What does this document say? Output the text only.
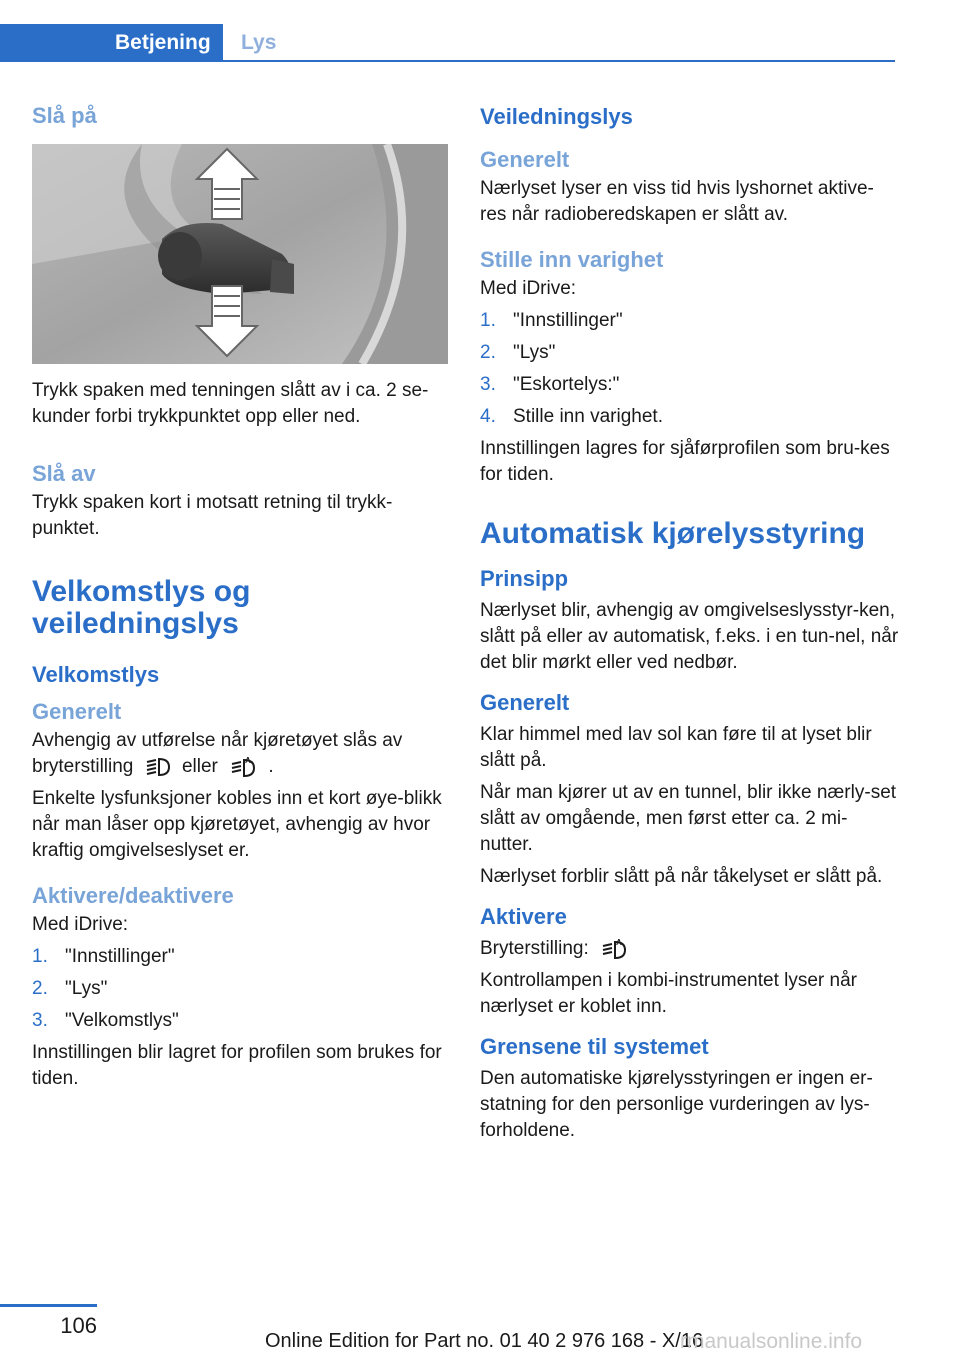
Betjening	Lys
Slå på

Trykk spaken med tenningen slått av i ca. 2 se-kunder forbi trykkpunktet opp eller ned.

Slå av

Trykk spaken kort i motsatt retning til trykk-punktet.

Velkomstlys og veiledningslys
Velkomstlys
Generelt

Avhengig av utførelse når kjøretøyet slås av bryterstilling	eller	A .

Enkelte lysfunksjoner kobles inn et kort øye-blikk når man låser opp kjøretøyet, avhengig av hvor kraftig omgivelseslyset er.

Aktivere/deaktivere

Med iDrive:

1. "Innstillinger"
2. "Lys"
3. "Velkomstlys"

Innstillingen blir lagret for profilen som brukes for tiden.

Veiledningslys
Generelt

Nærlyset lyser en viss tid hvis lyshornet aktive-res når radioberedskapen er slått av.

Stille inn varighet

Med iDrive:

1. "Innstillinger"
2. "Lys"
3. "Eskortelys:"
4. Stille inn varighet.

Innstillingen lagres for sjåførprofilen som bru-kes for tiden.

Automatisk kjørelysstyring
Prinsipp

Nærlyset blir, avhengig av omgivelseslysstyr-ken, slått på eller av automatisk, f.eks. i en tun-nel, når det blir mørkt eller ved nedbør.

Generelt

Klar himmel med lav sol kan føre til at lyset blir slått på.

Når man kjører ut av en tunnel, blir ikke nærly-set slått av omgående, men først etter ca. 2 mi-nutter.

Nærlyset forblir slått på når tåkelyset er slått på.

Aktivere

Bryterstilling:	A

Kontrollampen i kombi-instrumentet lyser når nærlyset er koblet inn.

Grensene til systemet

Den automatiske kjørelysstyringen er ingen er-statning for den personlige vurderingen av lys-forholdene.

106
Online Edition for Part no. 01 40 2 976 168 - X/16
rmanualsonline.info
